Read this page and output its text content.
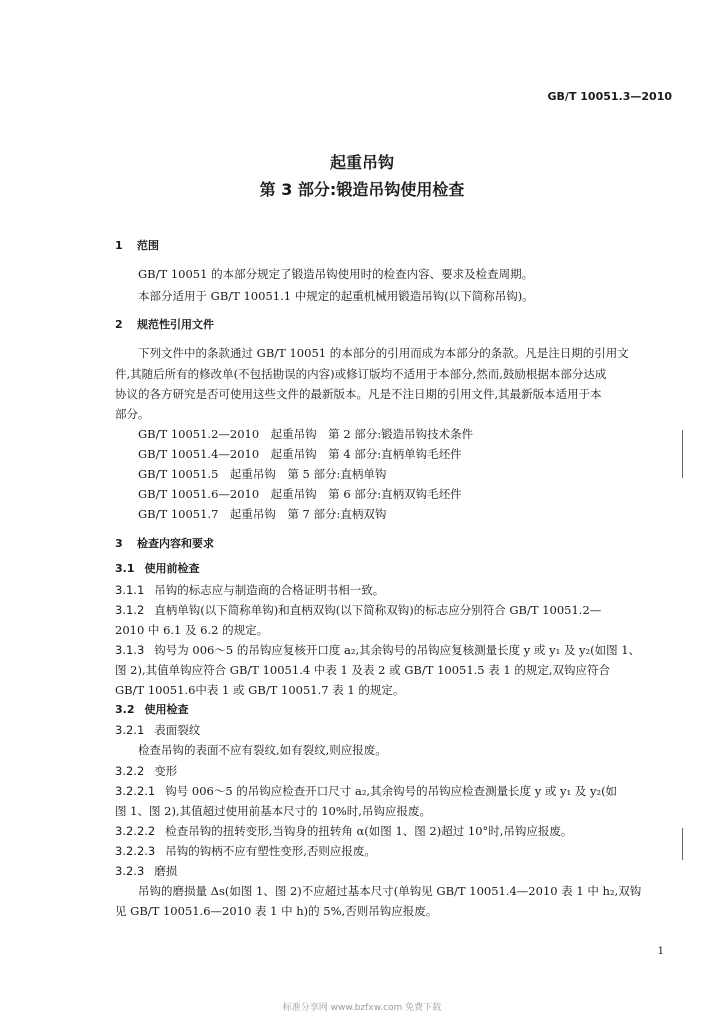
GB/T 10051.3—2010
起重吊钩
第 3 部分:锻造吊钩使用检查
1 范围
GB/T 10051 的本部分规定了锻造吊钩使用时的检查内容、要求及检查周期。
本部分适用于 GB/T 10051.1 中规定的起重机械用锻造吊钩(以下简称吊钩)。
2 规范性引用文件
下列文件中的条款通过 GB/T 10051 的本部分的引用而成为本部分的条款。凡是注日期的引用文
件,其随后所有的修改单(不包括勘误的内容)或修订版均不适用于本部分,然而,鼓励根据本部分达成
协议的各方研究是否可使用这些文件的最新版本。凡是不注日期的引用文件,其最新版本适用于本
部分。
GB/T 10051.2—2010　起重吊钩　第 2 部分:锻造吊钩技术条件
GB/T 10051.4—2010　起重吊钩　第 4 部分:直柄单钩毛坯件
GB/T 10051.5　起重吊钩　第 5 部分:直柄单钩
GB/T 10051.6—2010　起重吊钩　第 6 部分:直柄双钩毛坯件
GB/T 10051.7　起重吊钩　第 7 部分:直柄双钩
3 检查内容和要求
3.1 使用前检查
3.1.1 吊钩的标志应与制造商的合格证明书相一致。
3.1.2 直柄单钩(以下简称单钩)和直柄双钩(以下简称双钩)的标志应分别符合 GB/T 10051.2—
2010 中 6.1 及 6.2 的规定。
3.1.3 钩号为 006～5 的吊钩应复核开口度 a₂,其余钩号的吊钩应复核测量长度 y 或 y₁ 及 y₂(如图 1、
图 2),其值单钩应符合 GB/T 10051.4 中表 1 及表 2 或 GB/T 10051.5 表 1 的规定,双钩应符合
GB/T 10051.6中表 1 或 GB/T 10051.7 表 1 的规定。
3.2 使用检查
3.2.1 表面裂纹
检查吊钩的表面不应有裂纹,如有裂纹,则应报废。
3.2.2 变形
3.2.2.1 钩号 006～5 的吊钩应检查开口尺寸 a₂,其余钩号的吊钩应检查测量长度 y 或 y₁ 及 y₂(如
图 1、图 2),其值超过使用前基本尺寸的 10%时,吊钩应报废。
3.2.2.2 检查吊钩的扭转变形,当钩身的扭转角 α(如图 1、图 2)超过 10°时,吊钩应报废。
3.2.2.3 吊钩的钩柄不应有塑性变形,否则应报废。
3.2.3 磨损
吊钩的磨损量 Δs(如图 1、图 2)不应超过基本尺寸(单钩见 GB/T 10051.4—2010 表 1 中 h₂,双钩
见 GB/T 10051.6—2010 表 1 中 h)的 5%,否则吊钩应报废。
1
标准分享网 www.bzfxw.com 免费下载
